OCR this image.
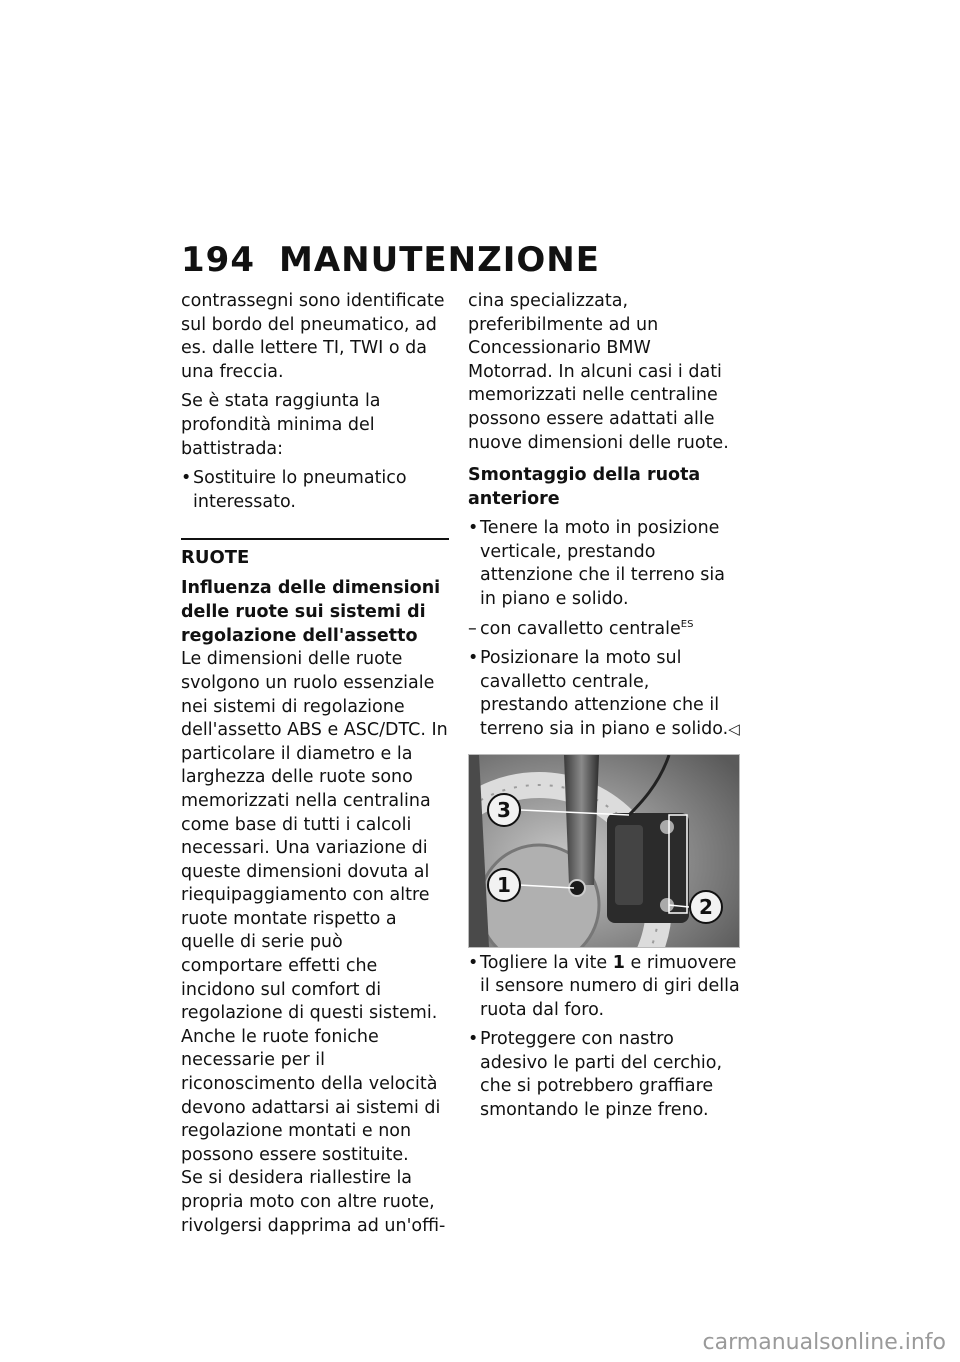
194 MANUTENZIONE

contrassegni sono identificate sul bordo del pneumatico, ad es. dalle lettere TI, TWI o da una freccia.

Se è stata raggiunta la profondità minima del battistrada:

• Sostituire lo pneumatico interessato.

RUOTE

Influenza delle dimensioni delle ruote sui sistemi di regolazione dell'assetto

Le dimensioni delle ruote svolgono un ruolo essenziale nei sistemi di regolazione dell'assetto ABS e ASC/DTC. In particolare il diametro e la larghezza delle ruote sono memorizzati nella centralina come base di tutti i calcoli necessari. Una variazione di queste dimensioni dovuta al riequipaggiamento con altre ruote montate rispetto a quelle di serie può comportare effetti che incidono sul comfort di regolazione di questi sistemi.

Anche le ruote foniche necessarie per il riconoscimento della velocità devono adattarsi ai sistemi di regolazione montati e non possono essere sostituite.

Se si desidera riallestire la propria moto con altre ruote, rivolgersi dapprima ad un'offi-

cina specializzata, preferibilmente ad un Concessionario BMW Motorrad. In alcuni casi i dati memorizzati nelle centraline possono essere adattati alle nuove dimensioni delle ruote.

Smontaggio della ruota anteriore

• Tenere la moto in posizione verticale, prestando attenzione che il terreno sia in piano e solido.

– con cavalletto centrale$^{ES}$

• Posizionare la moto sul cavalletto centrale, prestando attenzione che il terreno sia in piano e solido.◁

3
1
2

• Togliere la vite 1 e rimuovere il sensore numero di giri della ruota dal foro.

• Proteggere con nastro adesivo le parti del cerchio, che si potrebbero graffiare smontando le pinze freno.

carmanualsonline.info
